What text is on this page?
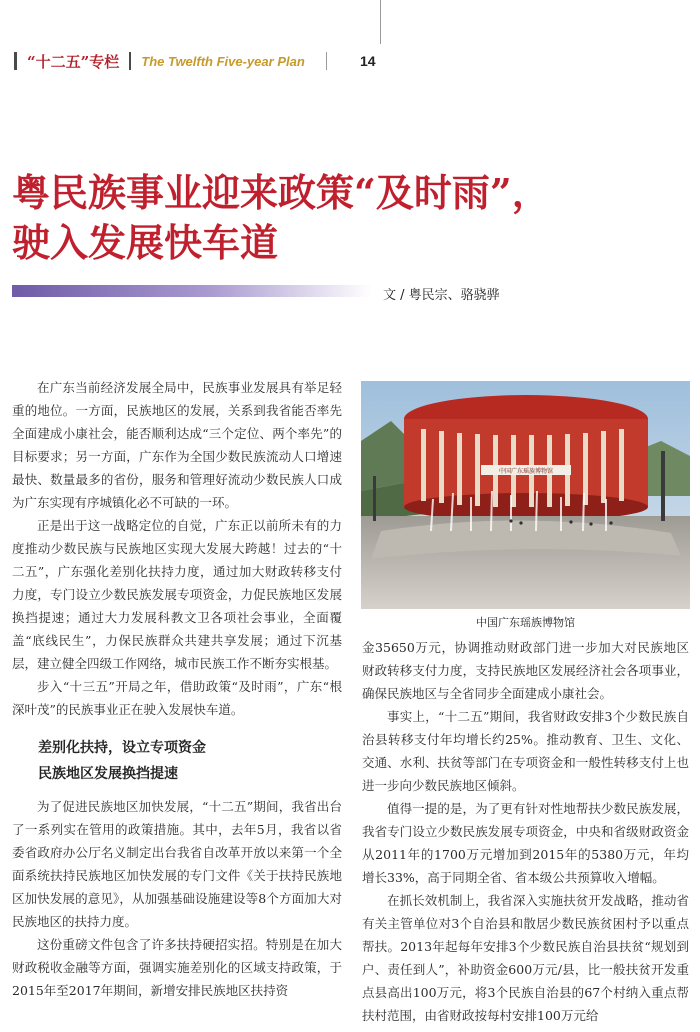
“十二五”专栏 The Twelfth Five-year Plan	14
粤民族事业迎来政策“及时雨”，
驶入发展快车道
文 / 粤民宗、骆骁骅

在广东当前经济发展全局中，民族事业发展具有举足轻重的地位。一方面，民族地区的发展，关系到我省能否率先全面建成小康社会，能否顺利达成“三个定位、两个率先”的目标要求；另一方面，广东作为全国少数民族流动人口增速最快、数量最多的省份，服务和管理好流动少数民族人口成为广东实现有序城镇化必不可缺的一环。

正是出于这一战略定位的自觉，广东正以前所未有的力度推动少数民族与民族地区实现大发展大跨越！过去的“十二五”，广东强化差别化扶持力度，通过加大财政转移支付力度，专门设立少数民族发展专项资金，力促民族地区发展换挡提速；通过大力发展科教文卫各项社会事业，全面覆盖“底线民生”，力保民族群众共建共享发展；通过下沉基层，建立健全四级工作网络，城市民族工作不断夯实根基。

步入“十三五”开局之年，借助政策“及时雨”，广东“根深叶茂”的民族事业正在驶入发展快车道。

差别化扶持，设立专项资金
民族地区发展换挡提速

为了促进民族地区加快发展，“十二五”期间，我省出台了一系列实在管用的政策措施。其中，去年5月，我省以省委省政府办公厅名义制定出台我省自改革开放以来第一个全面系统扶持民族地区加快发展的专门文件《关于扶持民族地区加快发展的意见》，从加强基础设施建设等8个方面加大对民族地区的扶持力度。

这份重磅文件包含了许多扶持硬招实招。特别是在加大财政税收金融等方面，强调实施差别化的区域支持政策，于2015年至2017年期间，新增安排民族地区扶持资

中国广东瑶族博物馆
中国广东瑶族博物馆

金35650万元，协调推动财政部门进一步加大对民族地区财政转移支付力度，支持民族地区发展经济社会各项事业，确保民族地区与全省同步全面建成小康社会。

事实上，“十二五”期间，我省财政安排3个少数民族自治县转移支付年均增长约25%。推动教育、卫生、文化、交通、水利、扶贫等部门在专项资金和一般性转移支付上也进一步向少数民族地区倾斜。

值得一提的是，为了更有针对性地帮扶少数民族发展，我省专门设立少数民族发展专项资金，中央和省级财政资金从2011年的1700万元增加到2015年的5380万元，年均增长33%，高于同期全省、省本级公共预算收入增幅。

在抓长效机制上，我省深入实施扶贫开发战略，推动省有关主管单位对3个自治县和散居少数民族贫困村予以重点帮扶。2013年起每年安排3个少数民族自治县扶贫“规划到户、责任到人”，补助资金600万元/县，比一般扶贫开发重点县高出100万元，将3个民族自治县的67个村纳入重点帮扶村范围，由省财政按每村安排100万元给
